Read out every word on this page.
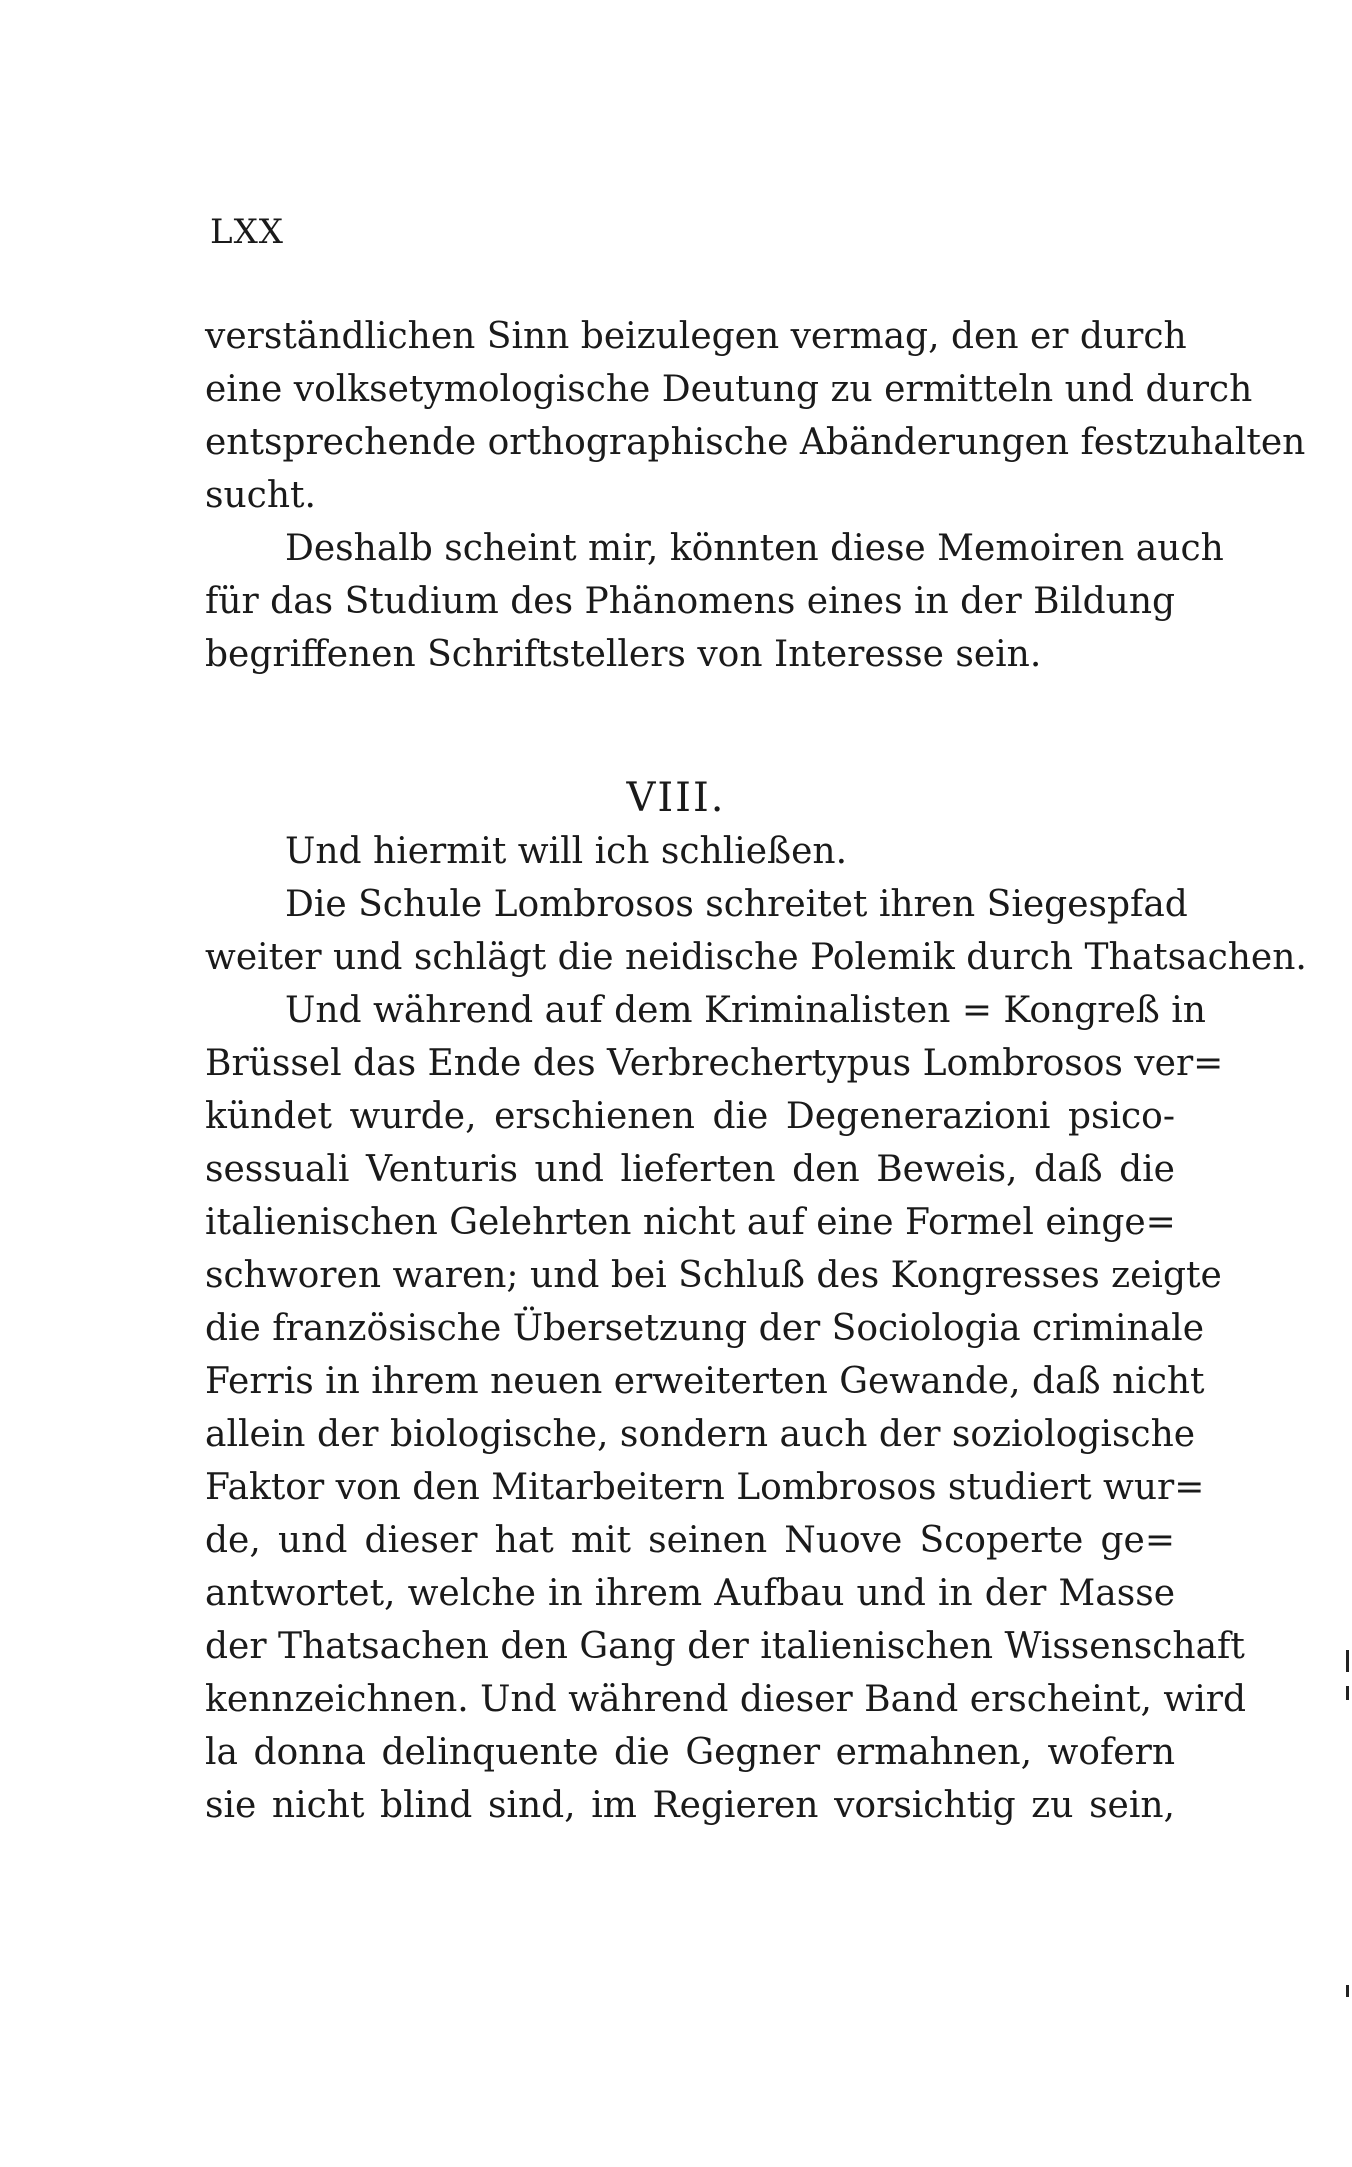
LXX
verständlichen Sinn beizulegen vermag, den er durch
eine volksetymologische Deutung zu ermitteln und durch
entsprechende orthographische Abänderungen festzuhalten
sucht.
Deshalb scheint mir, könnten diese Memoiren auch
für das Studium des Phänomens eines in der Bildung
begriffenen Schriftstellers von Interesse sein.
VIII.
Und hiermit will ich schließen.
Die Schule Lombrosos schreitet ihren Siegespfad
weiter und schlägt die neidische Polemik durch Thatsachen.
Und während auf dem Kriminalisten = Kongreß in
Brüssel das Ende des Verbrechertypus Lombrosos ver=
kündet wurde, erschienen die Degenerazioni psico-
sessuali Venturis und lieferten den Beweis, daß die
italienischen Gelehrten nicht auf eine Formel einge=
schworen waren; und bei Schluß des Kongresses zeigte
die französische Übersetzung der Sociologia criminale
Ferris in ihrem neuen erweiterten Gewande, daß nicht
allein der biologische, sondern auch der soziologische
Faktor von den Mitarbeitern Lombrosos studiert wur=
de, und dieser hat mit seinen Nuove Scoperte ge=
antwortet, welche in ihrem Aufbau und in der Masse
der Thatsachen den Gang der italienischen Wissenschaft
kennzeichnen. Und während dieser Band erscheint, wird
la donna delinquente die Gegner ermahnen, wofern
sie nicht blind sind, im Regieren vorsichtig zu sein,
